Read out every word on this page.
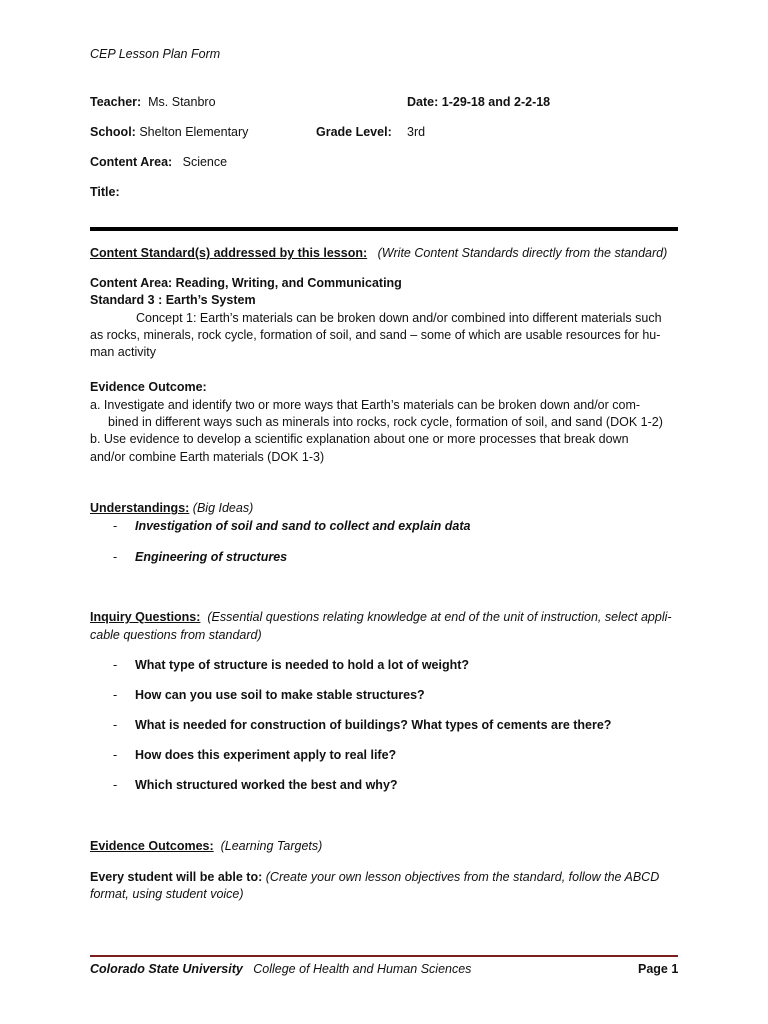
CEP Lesson Plan Form
Teacher: Ms. Stanbro	Date: 1-29-18 and 2-2-18
School: Shelton Elementary	Grade Level: 3rd
Content Area: Science
Title:
Content Standard(s) addressed by this lesson: (Write Content Standards directly from the standard)
Content Area: Reading, Writing, and Communicating
Standard 3 : Earth’s System
Concept 1: Earth’s materials can be broken down and/or combined into different materials such
as rocks, minerals, rock cycle, formation of soil, and sand – some of which are usable resources for hu-
man activity
Evidence Outcome:
a. Investigate and identify two or more ways that Earth’s materials can be broken down and/or com-
bined in different ways such as minerals into rocks, rock cycle, formation of soil, and sand (DOK 1-2)
b. Use evidence to develop a scientific explanation about one or more processes that break down
and/or combine Earth materials (DOK 1-3)
Understandings: (Big Ideas)
- Investigation of soil and sand to collect and explain data
- Engineering of structures
Inquiry Questions: (Essential questions relating knowledge at end of the unit of instruction, select appli-
cable questions from standard)
- What type of structure is needed to hold a lot of weight?
- How can you use soil to make stable structures?
- What is needed for construction of buildings? What types of cements are there?
- How does this experiment apply to real life?
- Which structured worked the best and why?
Evidence Outcomes: (Learning Targets)
Every student will be able to: (Create your own lesson objectives from the standard, follow the ABCD
format, using student voice)
Colorado State University College of Health and Human Sciences	Page 1
